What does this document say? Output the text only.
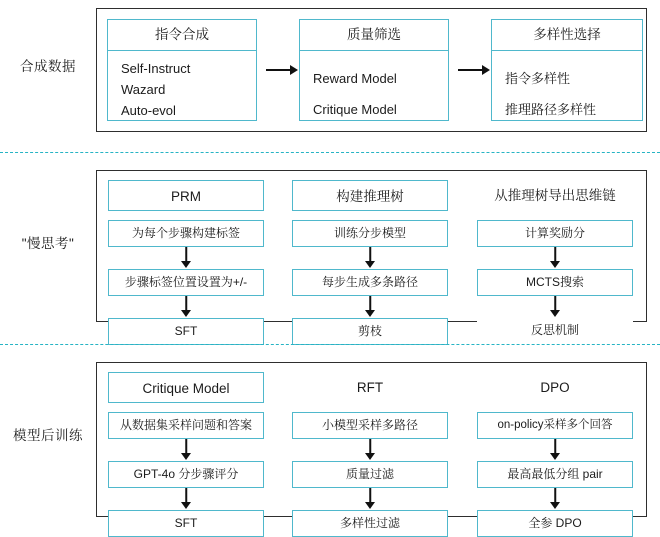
合成数据
指令合成
Self-Instruct
Wazard
Auto-evol
质量筛选
Reward Model
Critique Model
多样性选择
指令多样性
推理路径多样性
"慢思考"
PRM
为每个步骤构建标签
步骤标签位置设置为+/-
SFT
构建推理树
训练分步模型
每步生成多条路径
剪枝
从推理树导出思维链
计算奖励分
MCTS搜索
反思机制
模型后训练
Critique Model
从数据集采样问题和答案
GPT-4o 分步骤评分
SFT
RFT
小模型采样多路径
质量过滤
多样性过滤
DPO
on-policy采样多个回答
最高最低分组 pair
全参 DPO
